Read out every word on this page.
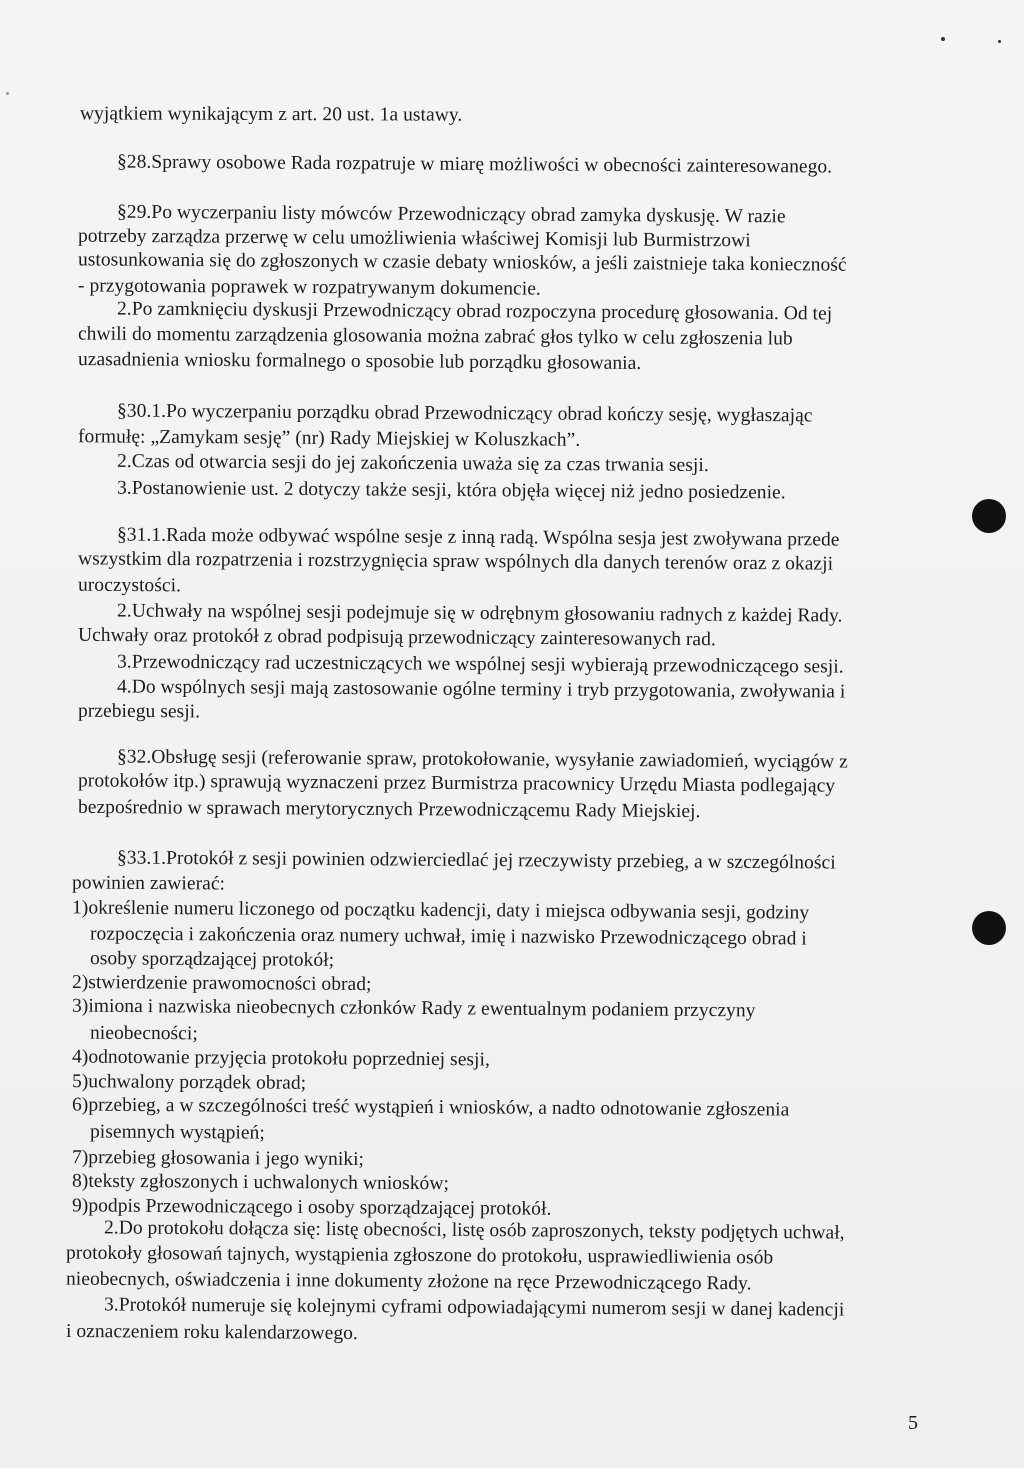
wyjątkiem wynikającym z art. 20 ust. 1a ustawy.
§28.Sprawy osobowe Rada rozpatruje w miarę możliwości w obecności zainteresowanego.
§29.Po wyczerpaniu listy mówców Przewodniczący obrad zamyka dyskusję. W razie
potrzeby zarządza przerwę w celu umożliwienia właściwej Komisji lub Burmistrzowi
ustosunkowania się do zgłoszonych w czasie debaty wniosków, a jeśli zaistnieje taka konieczność
- przygotowania poprawek w rozpatrywanym dokumencie.
2.Po zamknięciu dyskusji Przewodniczący obrad rozpoczyna procedurę głosowania. Od tej
chwili do momentu zarządzenia glosowania można zabrać głos tylko w celu zgłoszenia lub
uzasadnienia wniosku formalnego o sposobie lub porządku głosowania.
§30.1.Po wyczerpaniu porządku obrad Przewodniczący obrad kończy sesję, wygłaszając
formułę: „Zamykam sesję” (nr) Rady Miejskiej w Koluszkach”.
2.Czas od otwarcia sesji do jej zakończenia uważa się za czas trwania sesji.
3.Postanowienie ust. 2 dotyczy także sesji, która objęła więcej niż jedno posiedzenie.
§31.1.Rada może odbywać wspólne sesje z inną radą. Wspólna sesja jest zwoływana przede
wszystkim dla rozpatrzenia i rozstrzygnięcia spraw wspólnych dla danych terenów oraz z okazji
uroczystości.
2.Uchwały na wspólnej sesji podejmuje się w odrębnym głosowaniu radnych z każdej Rady.
Uchwały oraz protokół z obrad podpisują przewodniczący zainteresowanych rad.
3.Przewodniczący rad uczestniczących we wspólnej sesji wybierają przewodniczącego sesji.
4.Do wspólnych sesji mają zastosowanie ogólne terminy i tryb przygotowania, zwoływania i
przebiegu sesji.
§32.Obsługę sesji (referowanie spraw, protokołowanie, wysyłanie zawiadomień, wyciągów z
protokołów itp.) sprawują wyznaczeni przez Burmistrza pracownicy Urzędu Miasta podlegający
bezpośrednio w sprawach merytorycznych Przewodniczącemu Rady Miejskiej.
§33.1.Protokół z sesji powinien odzwierciedlać jej rzeczywisty przebieg, a w szczególności
powinien zawierać:
1)określenie numeru liczonego od początku kadencji, daty i miejsca odbywania sesji, godziny
rozpoczęcia i zakończenia oraz numery uchwał, imię i nazwisko Przewodniczącego obrad i
osoby sporządzającej protokół;
2)stwierdzenie prawomocności obrad;
3)imiona i nazwiska nieobecnych członków Rady z ewentualnym podaniem przyczyny
nieobecności;
4)odnotowanie przyjęcia protokołu poprzedniej sesji,
5)uchwalony porządek obrad;
6)przebieg, a w szczególności treść wystąpień i wniosków, a nadto odnotowanie zgłoszenia
pisemnych wystąpień;
7)przebieg głosowania i jego wyniki;
8)teksty zgłoszonych i uchwalonych wniosków;
9)podpis Przewodniczącego i osoby sporządzającej protokół.
2.Do protokołu dołącza się: listę obecności, listę osób zaproszonych, teksty podjętych uchwał,
protokoły głosowań tajnych, wystąpienia zgłoszone do protokołu, usprawiedliwienia osób
nieobecnych, oświadczenia i inne dokumenty złożone na ręce Przewodniczącego Rady.
3.Protokół numeruje się kolejnymi cyframi odpowiadającymi numerom sesji w danej kadencji
i oznaczeniem roku kalendarzowego.
5
